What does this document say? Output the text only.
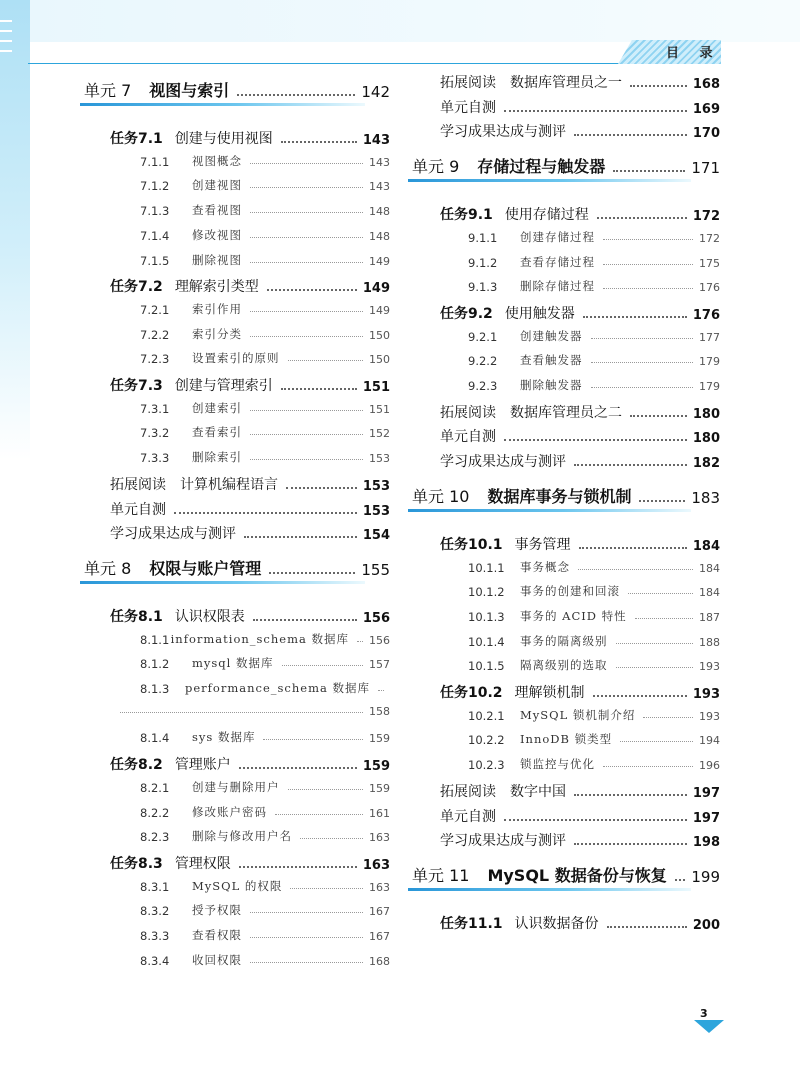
目 录
单元 7 视图与索引	142
任务7.1 创建与使用视图	143
7.1.1	视图概念	143
7.1.2	创建视图	143
7.1.3	查看视图	148
7.1.4	修改视图	148
7.1.5	删除视图	149
任务7.2 理解索引类型	149
7.2.1	索引作用	149
7.2.2	索引分类	150
7.2.3	设置索引的原则	150
任务7.3 创建与管理索引	151
7.3.1	创建索引	151
7.3.2	查看索引	152
7.3.3	删除索引	153
拓展阅读　计算机编程语言	153
单元自测	153
学习成果达成与测评	154
单元 8 权限与账户管理	155
任务8.1 认识权限表	156
8.1.1 information_schema 数据库 156
8.1.2	mysql 数据库	157
8.1.3	performance_schema 数据库
158
8.1.4	sys 数据库	159
任务8.2 管理账户	159
8.2.1	创建与删除用户	159
8.2.2	修改账户密码	161
8.2.3	删除与修改用户名	163
任务8.3 管理权限	163
8.3.1	MySQL 的权限	163
8.3.2	授予权限	167
8.3.3	查看权限	167
8.3.4	收回权限	168
拓展阅读　数据库管理员之一	168
单元自测	169
学习成果达成与测评	170
单元 9 存储过程与触发器	171
任务9.1 使用存储过程	172
9.1.1	创建存储过程	172
9.1.2	查看存储过程	175
9.1.3	删除存储过程	176
任务9.2 使用触发器	176
9.2.1	创建触发器	177
9.2.2	查看触发器	179
9.2.3	删除触发器	179
拓展阅读　数据库管理员之二	180
单元自测	180
学习成果达成与测评	182
单元 10 数据库事务与锁机制	183
任务10.1 事务管理	184
10.1.1	事务概念	184
10.1.2	事务的创建和回滚	184
10.1.3	事务的 ACID 特性	187
10.1.4	事务的隔离级别	188
10.1.5	隔离级别的选取	193
任务10.2 理解锁机制	193
10.2.1	MySQL 锁机制介绍	193
10.2.2	InnoDB 锁类型	194
10.2.3	锁监控与优化	196
拓展阅读　数字中国	197
单元自测	197
学习成果达成与测评	198
单元 11 MySQL 数据备份与恢复 199
任务11.1 认识数据备份	200
3
